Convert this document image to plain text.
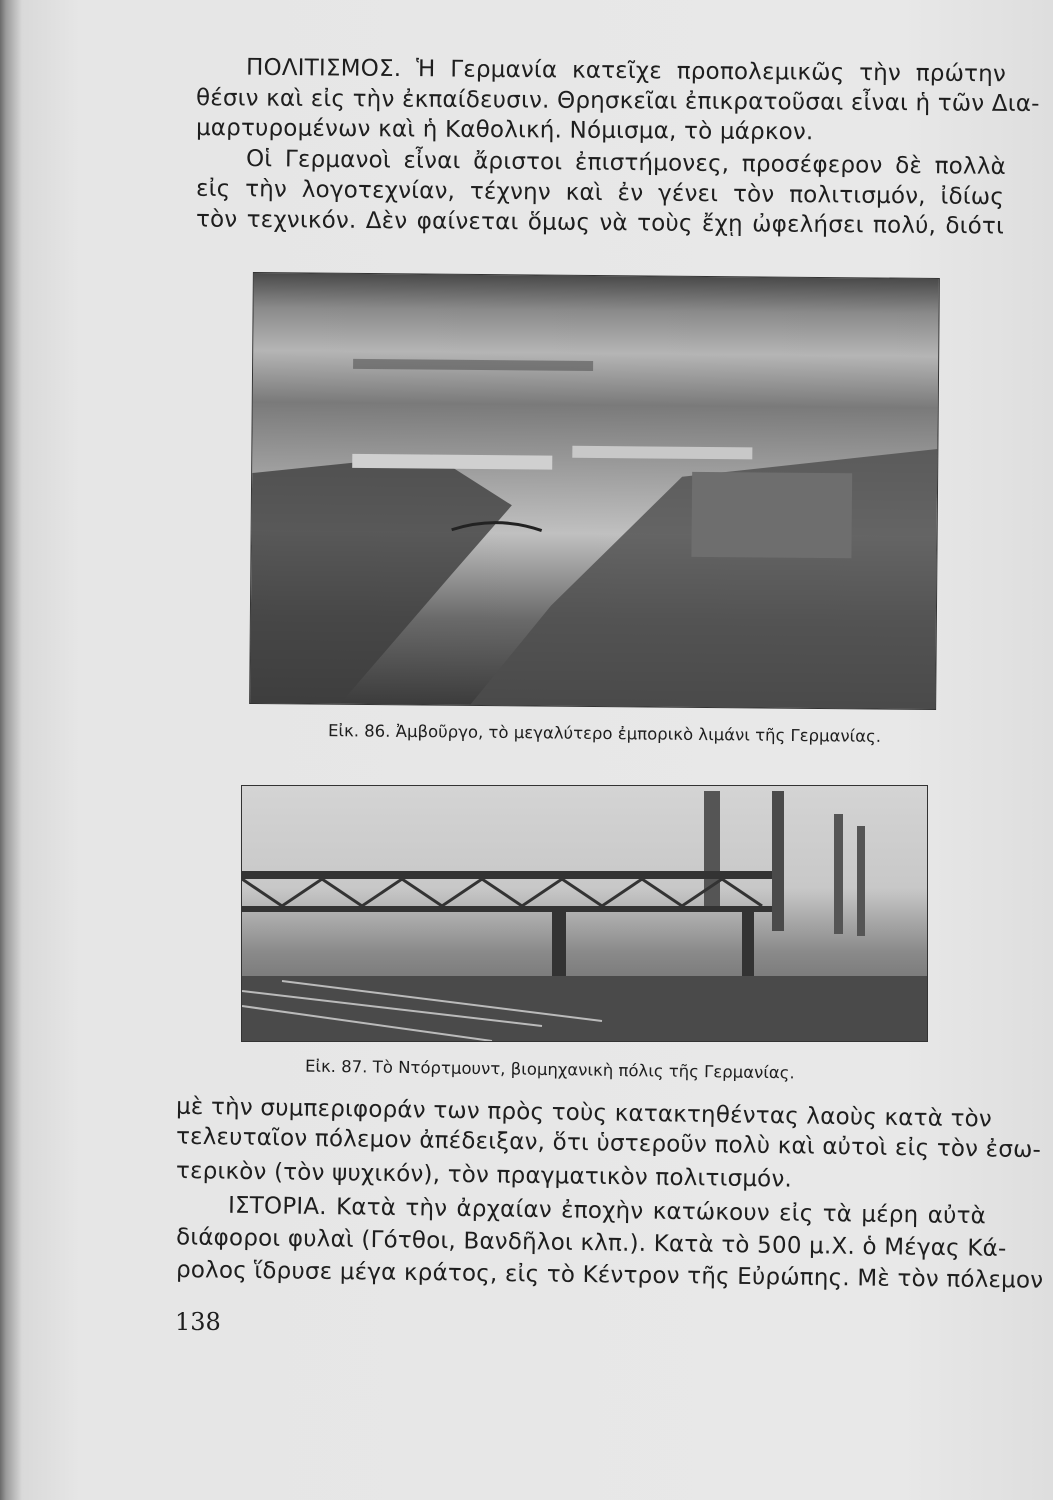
ΠΟΛΙΤΙΣΜΟΣ. Ἡ Γερμανία κατεῖχε προπολεμικῶς τὴν πρώτην
θέσιν καὶ εἰς τὴν ἐκπαίδευσιν. Θρησκεῖαι ἐπικρατοῦσαι εἶναι ἡ τῶν Δια-
μαρτυρομένων καὶ ἡ Καθολική. Νόμισμα, τὸ μάρκον.
Οἱ Γερμανοὶ εἶναι ἄριστοι ἐπιστήμονες, προσέφερον δὲ πολλὰ
εἰς τὴν λογοτεχνίαν, τέχνην καὶ ἐν γένει τὸν πολιτισμόν, ἰδίως
τὸν τεχνικόν. Δὲν φαίνεται ὅμως νὰ τοὺς ἔχῃ ὠφελήσει πολύ, διότι
Εἰκ. 86. Ἀμβοῦργο, τὸ μεγαλύτερο ἐμπορικὸ λιμάνι τῆς Γερμανίας.
Εἰκ. 87. Τὸ Ντόρτμουντ, βιομηχανικὴ πόλις τῆς Γερμανίας.
μὲ τὴν συμπεριφοράν των πρὸς τοὺς κατακτηθέντας λαοὺς κατὰ τὸν
τελευταῖον πόλεμον ἀπέδειξαν, ὅτι ὑστεροῦν πολὺ καὶ αὐτοὶ εἰς τὸν ἐσω-
τερικὸν (τὸν ψυχικόν), τὸν πραγματικὸν πολιτισμόν.
ΙΣΤΟΡΙΑ. Κατὰ τὴν ἀρχαίαν ἐποχὴν κατώκουν εἰς τὰ μέρη αὐτὰ
διάφοροι φυλαὶ (Γότθοι, Βανδῆλοι κλπ.). Κατὰ τὸ 500 μ.Χ. ὁ Μέγας Κά-
ρολος ἵδρυσε μέγα κράτος, εἰς τὸ Κέντρον τῆς Εὐρώπης. Μὲ τὸν πόλεμον
138
